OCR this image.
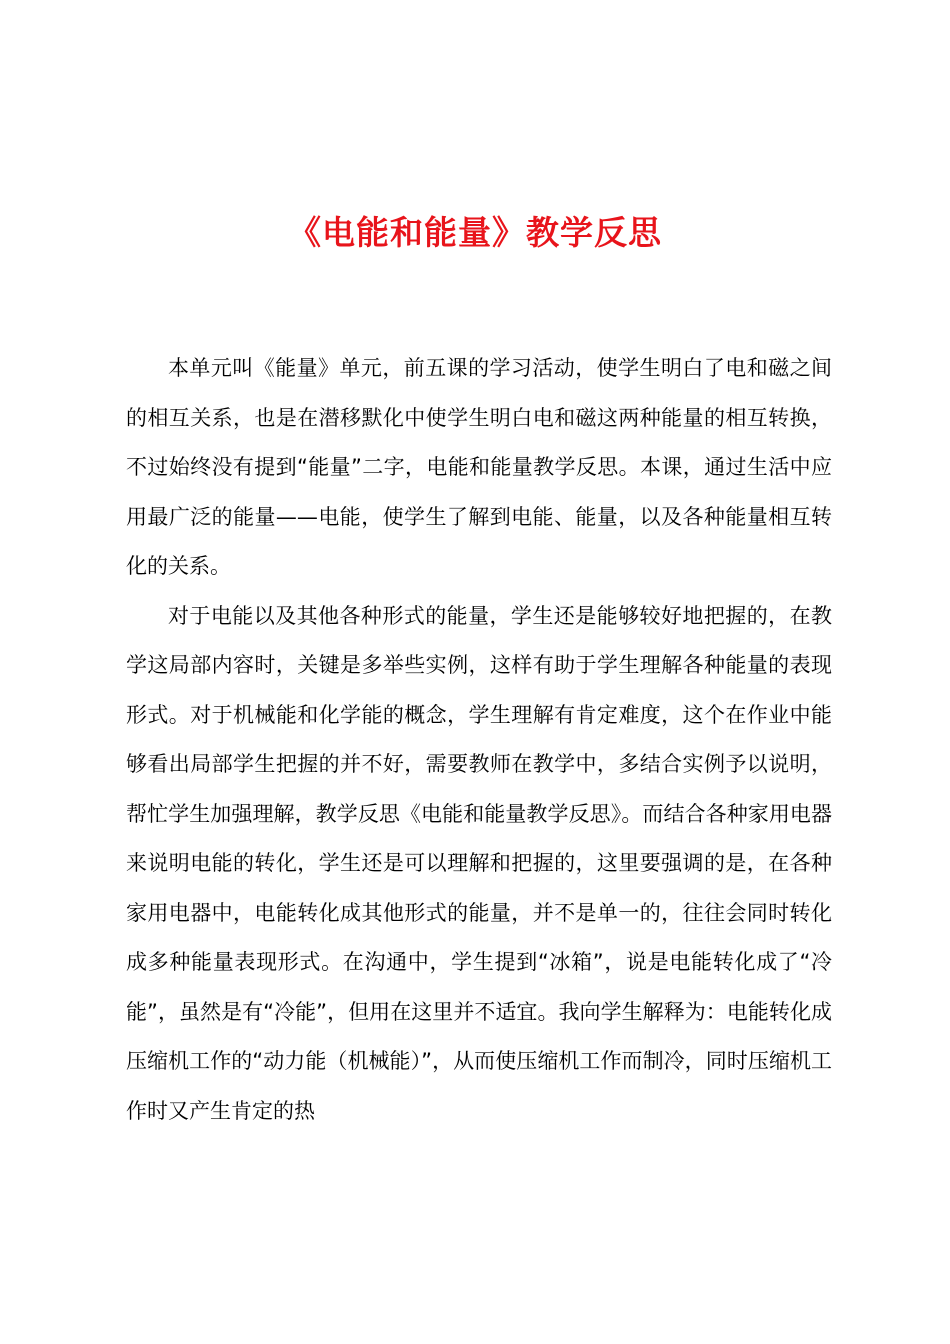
《电能和能量》教学反思

本单元叫《能量》单元，前五课的学习活动，使学生明白了电和磁之间的相互关系，也是在潜移默化中使学生明白电和磁这两种能量的相互转换，不过始终没有提到“能量”二字，电能和能量教学反思。本课，通过生活中应用最广泛的能量——电能，使学生了解到电能、能量，以及各种能量相互转化的关系。

对于电能以及其他各种形式的能量，学生还是能够较好地把握的，在教学这局部内容时，关键是多举些实例，这样有助于学生理解各种能量的表现形式。对于机械能和化学能的概念，学生理解有肯定难度，这个在作业中能够看出局部学生把握的并不好，需要教师在教学中，多结合实例予以说明，帮忙学生加强理解，教学反思《电能和能量教学反思》。而结合各种家用电器来说明电能的转化，学生还是可以理解和把握的，这里要强调的是，在各种家用电器中，电能转化成其他形式的能量，并不是单一的，往往会同时转化成多种能量表现形式。在沟通中，学生提到“冰箱”，说是电能转化成了“冷能”，虽然是有“冷能”，但用在这里并不适宜。我向学生解释为：电能转化成压缩机工作的“动力能（机械能）”，从而使压缩机工作而制冷，同时压缩机工作时又产生肯定的热
